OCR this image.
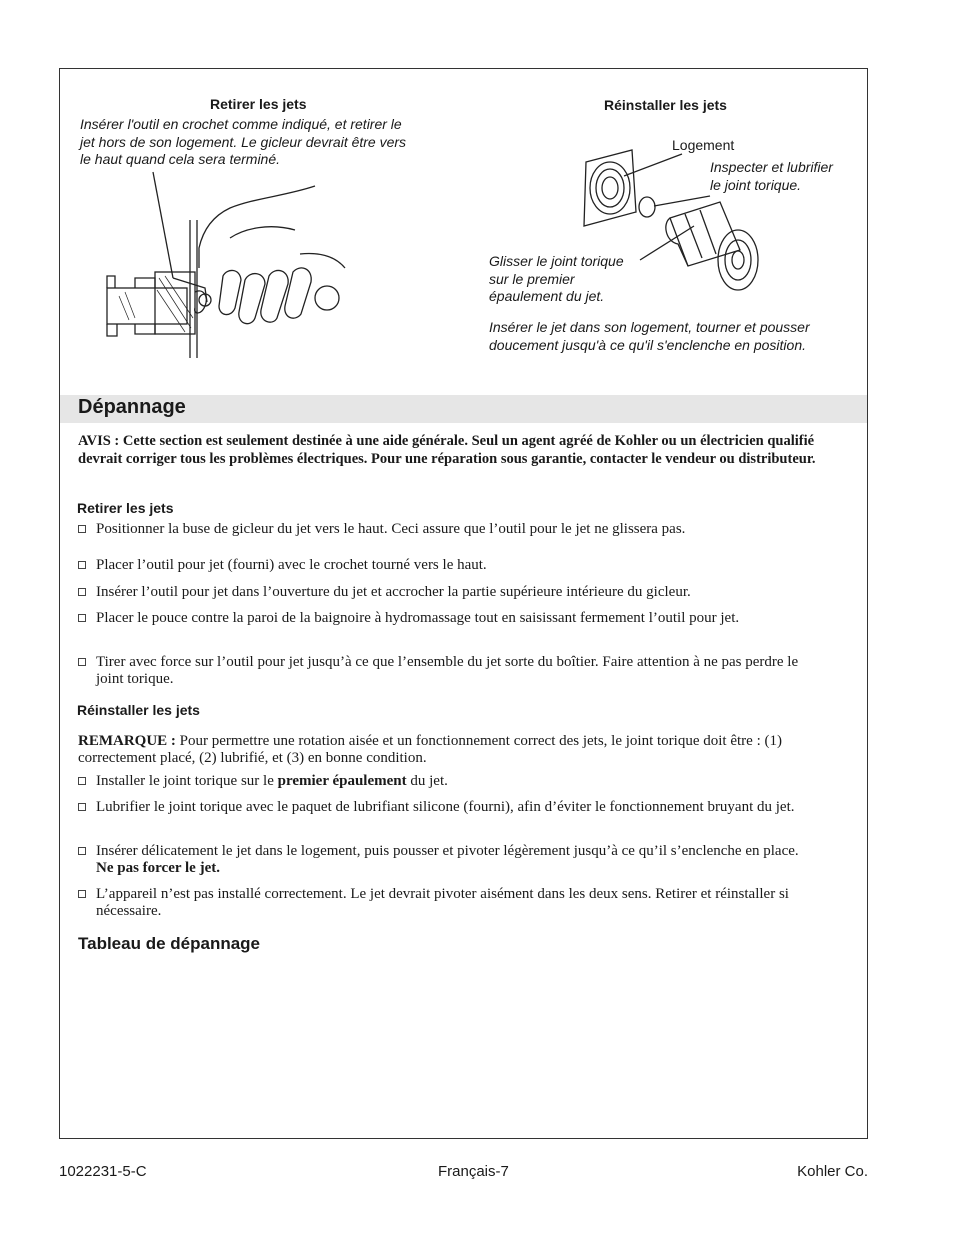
Retirer les jets
Insérer l'outil en crochet comme indiqué, et retirer le
jet hors de son logement. Le gicleur devrait être vers
le haut quand cela sera terminé.
Réinstaller les jets
Logement
Inspecter et lubrifier
le joint torique.
Glisser le joint torique
sur le premier
épaulement du jet.
Insérer le jet dans son logement, tourner et pousser
doucement jusqu'à ce qu'il s'enclenche en position.
Dépannage
AVIS : Cette section est seulement destinée à une aide générale. Seul un agent agréé de Kohler ou un électricien qualifié devrait corriger tous les problèmes électriques. Pour une réparation sous garantie, contacter le vendeur ou distributeur.
Retirer les jets
Positionner la buse de gicleur du jet vers le haut. Ceci assure que l’outil pour le jet ne glissera pas.
Placer l’outil pour jet (fourni) avec le crochet tourné vers le haut.
Insérer l’outil pour jet dans l’ouverture du jet et accrocher la partie supérieure intérieure du gicleur.
Placer le pouce contre la paroi de la baignoire à hydromassage tout en saisissant fermement l’outil pour jet.
Tirer avec force sur l’outil pour jet jusqu’à ce que l’ensemble du jet sorte du boîtier. Faire attention à ne pas perdre le joint torique.
Réinstaller les jets
REMARQUE : Pour permettre une rotation aisée et un fonctionnement correct des jets, le joint torique doit être : (1) correctement placé, (2) lubrifié, et (3) en bonne condition.
Installer le joint torique sur le premier épaulement du jet.
Lubrifier le joint torique avec le paquet de lubrifiant silicone (fourni), afin d’éviter le fonctionnement bruyant du jet.
Insérer délicatement le jet dans le logement, puis pousser et pivoter légèrement jusqu’à ce qu’il s’enclenche en place. Ne pas forcer le jet.
L’appareil n’est pas installé correctement. Le jet devrait pivoter aisément dans les deux sens. Retirer et réinstaller si nécessaire.
Tableau de dépannage
1022231-5-C	Français-7	Kohler Co.
